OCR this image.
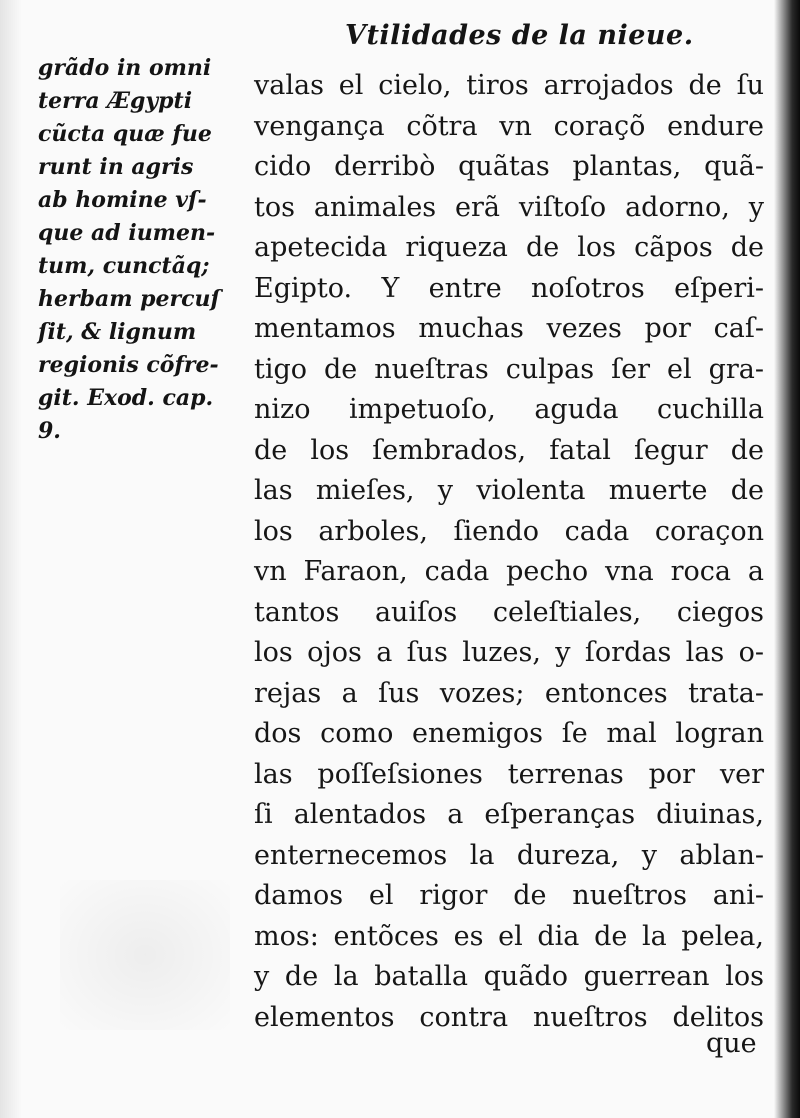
Vtilidades de la nieue.
grãdo in omni
terra Ægypti
cũcta quæ fue
runt in agris
ab homine vſ-
que ad iumen-
tum, cunctãq;
herbam percuſ
ſit, & lignum
regionis cõfre-
git. Exod. cap.
9.
valas el cielo, tiros arrojados de ſu
vengança cõtra vn coraçõ endure
cido derribò quãtas plantas, quã-
tos animales erã viſtoſo adorno, y
apetecida riqueza de los cãpos de
Egipto. Y entre noſotros eſperi-
mentamos muchas vezes por caſ-
tigo de nueſtras culpas ſer el gra-
nizo impetuoſo, aguda cuchilla
de los ſembrados, fatal ſegur de
las mieſes, y violenta muerte de
los arboles, ſiendo cada coraçon
vn Faraon, cada pecho vna roca a
tantos auiſos celeſtiales, ciegos
los ojos a ſus luzes, y ſordas las o-
rejas a ſus vozes; entonces trata-
dos como enemigos ſe mal logran
las poſſeſsiones terrenas por ver
ſi alentados a eſperanças diuinas,
enternecemos la dureza, y ablan-
damos el rigor de nueſtros ani-
mos: entõces es el dia de la pelea,
y de la batalla quãdo guerrean los
elementos contra nueſtros delitos
que
